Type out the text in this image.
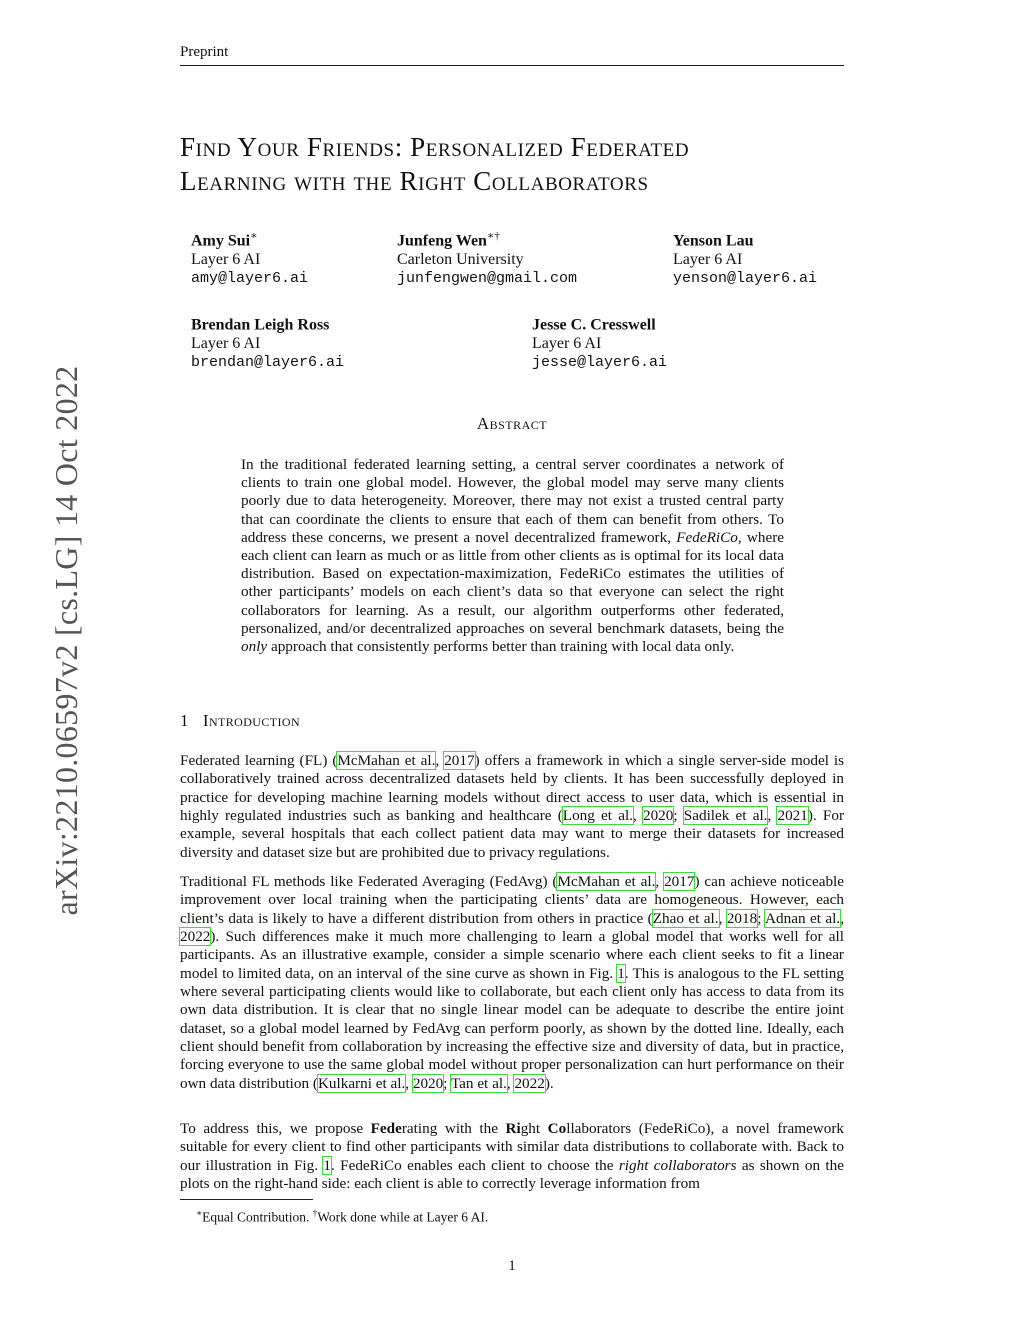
Preprint
arXiv:2210.06597v2 [cs.LG] 14 Oct 2022
Find Your Friends: Personalized Federated
Learning with the Right Collaborators
Amy Sui∗
Layer 6 AI
amy@layer6.ai
Junfeng Wen∗†
Carleton University
junfengwen@gmail.com
Yenson Lau
Layer 6 AI
yenson@layer6.ai
Brendan Leigh Ross
Layer 6 AI
brendan@layer6.ai
Jesse C. Cresswell
Layer 6 AI
jesse@layer6.ai
Abstract
In the traditional federated learning setting, a central server coordinates a network of clients to train one global model. However, the global model may serve many clients poorly due to data heterogeneity. Moreover, there may not exist a trusted central party that can coordinate the clients to ensure that each of them can benefit from others. To address these concerns, we present a novel decentralized framework, FedeRiCo, where each client can learn as much or as little from other clients as is optimal for its local data distribution. Based on expectation-maximization, FedeRiCo estimates the utilities of other participants’ models on each client’s data so that everyone can select the right collaborators for learning. As a result, our algorithm outperforms other federated, personalized, and/or decentralized approaches on several benchmark datasets, being the only approach that consistently performs better than training with local data only.
1 Introduction

Federated learning (FL) (McMahan et al., 2017) offers a framework in which a single server-side model is collaboratively trained across decentralized datasets held by clients. It has been successfully deployed in practice for developing machine learning models without direct access to user data, which is essential in highly regulated industries such as banking and healthcare (Long et al., 2020; Sadilek et al., 2021). For example, several hospitals that each collect patient data may want to merge their datasets for increased diversity and dataset size but are prohibited due to privacy regulations.

Traditional FL methods like Federated Averaging (FedAvg) (McMahan et al., 2017) can achieve noticeable improvement over local training when the participating clients’ data are homogeneous. However, each client’s data is likely to have a different distribution from others in practice (Zhao et al., 2018; Adnan et al., 2022). Such differences make it much more challenging to learn a global model that works well for all participants. As an illustrative example, consider a simple scenario where each client seeks to fit a linear model to limited data, on an interval of the sine curve as shown in Fig. 1. This is analogous to the FL setting where several participating clients would like to collaborate, but each client only has access to data from its own data distribution. It is clear that no single linear model can be adequate to describe the entire joint dataset, so a global model learned by FedAvg can perform poorly, as shown by the dotted line. Ideally, each client should benefit from collaboration by increasing the effective size and diversity of data, but in practice, forcing everyone to use the same global model without proper personalization can hurt performance on their own data distribution (Kulkarni et al., 2020; Tan et al., 2022).

To address this, we propose Federating with the Right Collaborators (FedeRiCo), a novel framework suitable for every client to find other participants with similar data distributions to collaborate with. Back to our illustration in Fig. 1. FedeRiCo enables each client to choose the right collaborators as shown on the plots on the right-hand side: each client is able to correctly leverage information from

∗Equal Contribution. †Work done while at Layer 6 AI.
1
